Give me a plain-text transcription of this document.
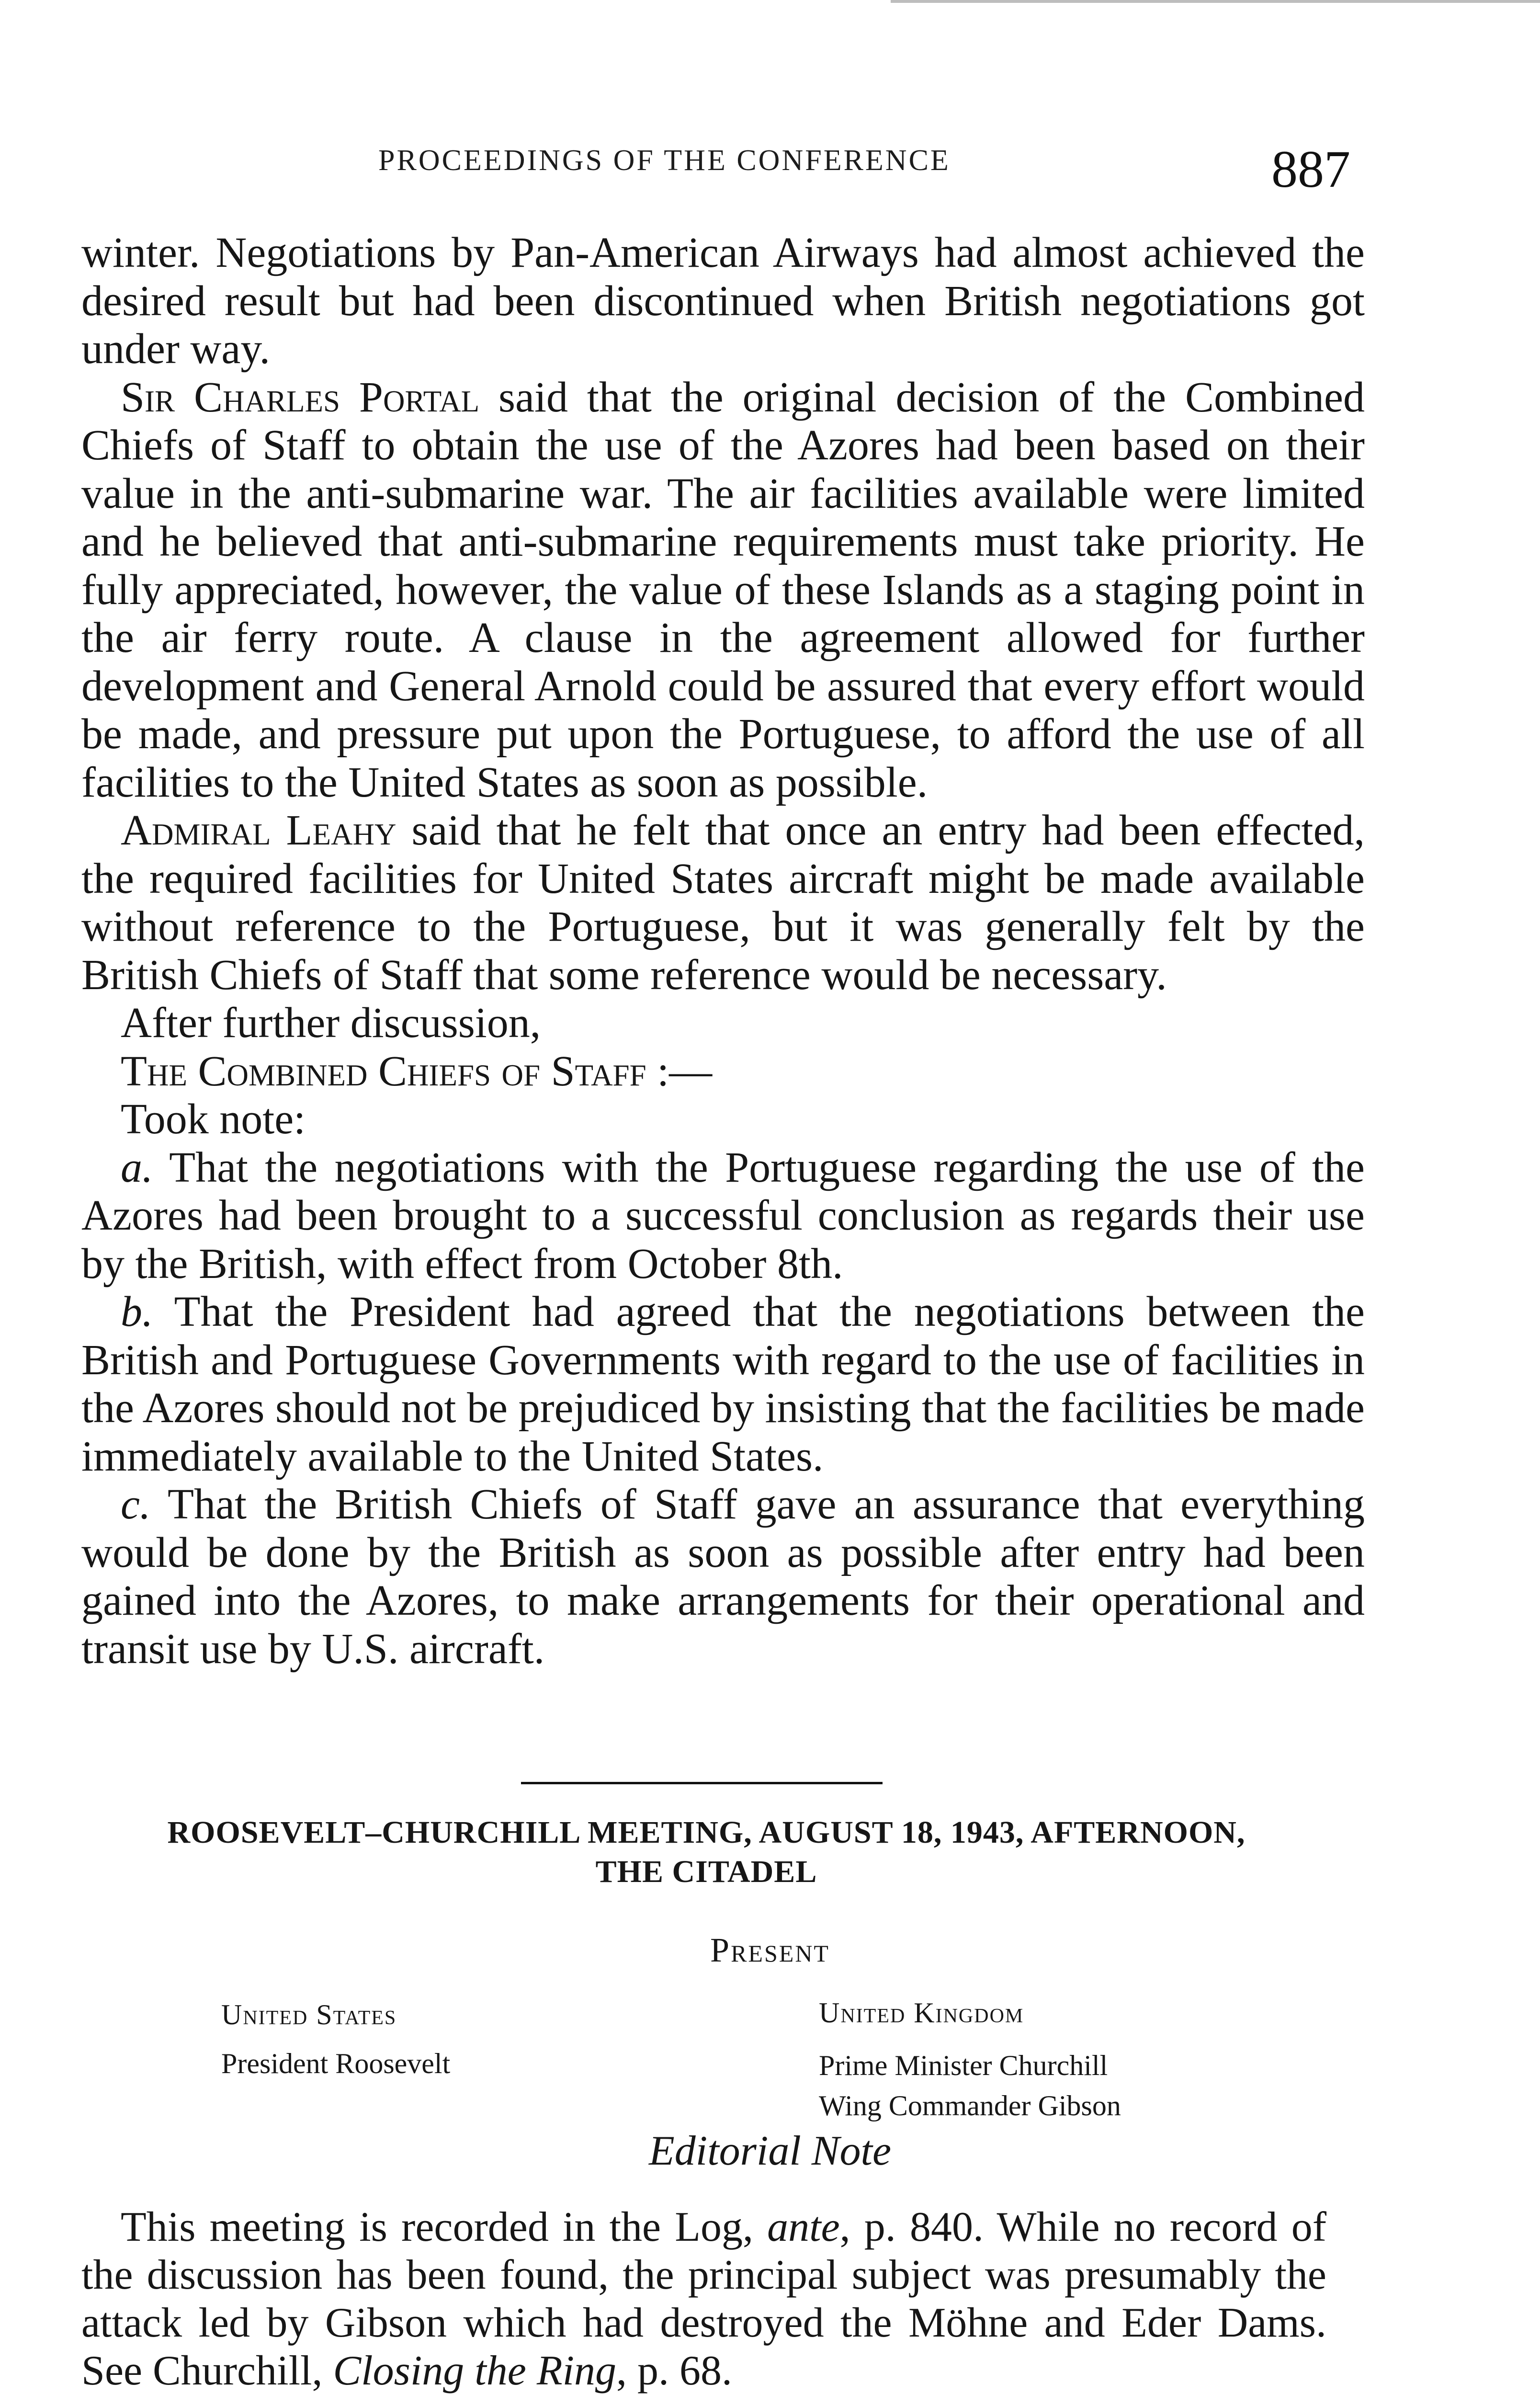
PROCEEDINGS OF THE CONFERENCE	887

winter. Negotiations by Pan-American Airways had almost achieved the desired result but had been discontinued when British negotiations got under way.

Sir Charles Portal said that the original decision of the Combined Chiefs of Staff to obtain the use of the Azores had been based on their value in the anti-submarine war. The air facilities available were limited and he believed that anti-submarine requirements must take priority. He fully appreciated, however, the value of these Islands as a staging point in the air ferry route. A clause in the agreement allowed for further development and General Arnold could be assured that every effort would be made, and pressure put upon the Portuguese, to afford the use of all facilities to the United States as soon as possible.

Admiral Leahy said that he felt that once an entry had been effected, the required facilities for United States aircraft might be made available without reference to the Portuguese, but it was generally felt by the British Chiefs of Staff that some reference would be necessary.

After further discussion,

The Combined Chiefs of Staff :—

Took note:

a. That the negotiations with the Portuguese regarding the use of the Azores had been brought to a successful conclusion as regards their use by the British, with effect from October 8th.

b. That the President had agreed that the negotiations between the British and Portuguese Governments with regard to the use of facilities in the Azores should not be prejudiced by insisting that the facilities be made immediately available to the United States.

c. That the British Chiefs of Staff gave an assurance that everything would be done by the British as soon as possible after entry had been gained into the Azores, to make arrangements for their operational and transit use by U.S. aircraft.

ROOSEVELT–CHURCHILL MEETING, AUGUST 18, 1943, AFTERNOON,
THE CITADEL
Present
United States
President Roosevelt
United Kingdom
Prime Minister Churchill
Wing Commander Gibson
Editorial Note

This meeting is recorded in the Log, ante, p. 840. While no record of the discussion has been found, the principal subject was presumably the attack led by Gibson which had destroyed the Möhne and Eder Dams. See Churchill, Closing the Ring, p. 68.
